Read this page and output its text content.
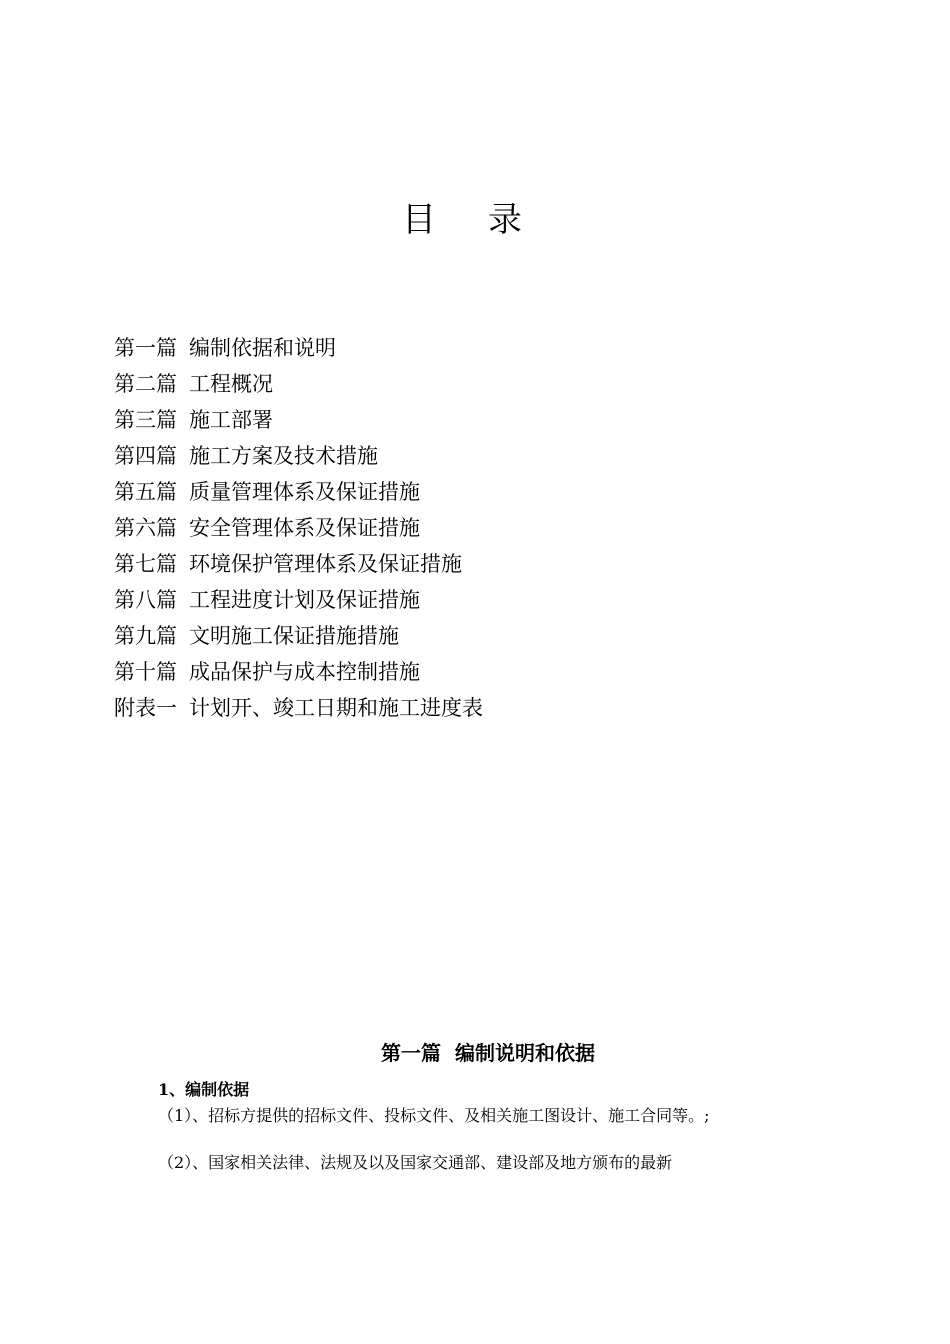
目录
第一篇 编制依据和说明
第二篇 工程概况
第三篇 施工部署
第四篇 施工方案及技术措施
第五篇 质量管理体系及保证措施
第六篇 安全管理体系及保证措施
第七篇 环境保护管理体系及保证措施
第八篇 工程进度计划及保证措施
第九篇 文明施工保证措施措施
第十篇 成品保护与成本控制措施
附表一 计划开、竣工日期和施工进度表
第一篇  编制说明和依据
1、编制依据
（1）、招标方提供的招标文件、投标文件、及相关施工图设计、施工合同等。;
（2）、国家相关法律、法规及以及国家交通部、建设部及地方颁布的最新
